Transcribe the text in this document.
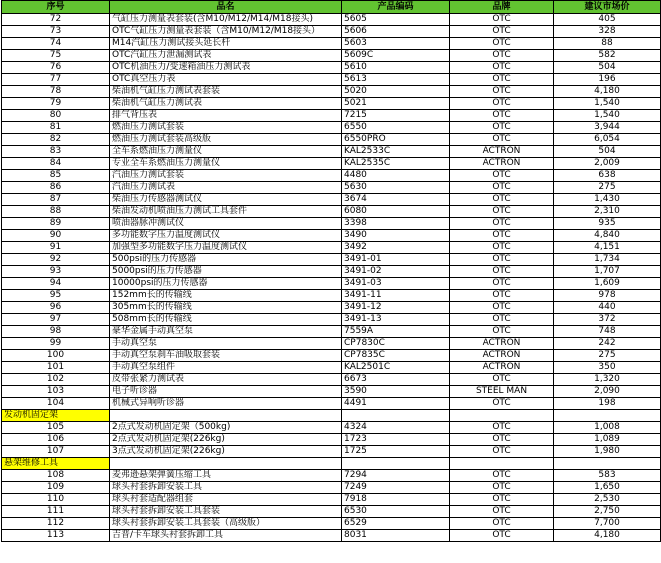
序号	品名	产品编码	品牌	建议市场价
72	气缸压力测量表套装(含M10/M12/M14/M18接头)	5605	OTC	405
73	OTC气缸压力测量表套装（含M10/M12/M18接头）	5606	OTC	328
74	M14汽缸压力测试接头延长杆	5603	OTC	88
75	OTC汽缸压力泄漏测试表	5609C	OTC	582
76	OTC机油压力/变速箱油压力测试表	5610	OTC	504
77	OTC真空压力表	5613	OTC	196
78	柴油机气缸压力测试表套装	5020	OTC	4,180
79	柴油机气缸压力测试表	5021	OTC	1,540
80	排气背压表	7215	OTC	1,540
81	燃油压力测试套装	6550	OTC	3,944
82	燃油压力测试套装高级版	6550PRO	OTC	6,054
83	全车系燃油压力测量仪	KAL2533C	ACTRON	504
84	专业全车系燃油压力测量仪	KAL2535C	ACTRON	2,009
85	汽油压力测试套装	4480	OTC	638
86	汽油压力测试表	5630	OTC	275
87	柴油压力传感器测试仪	3674	OTC	1,430
88	柴油发动机喷油压力测试工具套件	6080	OTC	2,310
89	喷油器脉冲测试仪	3398	OTC	935
90	多功能数字压力温度测试仪	3490	OTC	4,840
91	加强型多功能数字压力温度测试仪	3492	OTC	4,151
92	500psi的压力传感器	3491-01	OTC	1,734
93	5000psi的压力传感器	3491-02	OTC	1,707
94	10000psi的压力传感器	3491-03	OTC	1,609
95	152mm长的传输线	3491-11	OTC	978
96	305mm长的传输线	3491-12	OTC	440
97	508mm长的传输线	3491-13	OTC	372
98	豪华金属手动真空泵	7559A	OTC	748
99	手动真空泵	CP7830C	ACTRON	242
100	手动真空泵刹车油吸取套装	CP7835C	ACTRON	275
101	手动真空泵组件	KAL2501C	ACTRON	350
102	皮带张紧力测试表	6673	OTC	1,320
103	电子听诊器	3590	STEEL MAN	2,090
104	机械式异响听诊器	4491	OTC	198
发动机固定架				
105	2点式发动机固定架（500kg)	4324	OTC	1,008
106	2点式发动机固定架(226kg)	1723	OTC	1,089
107	3点式发动机固定架(226kg)	1725	OTC	1,980
悬架维修工具				
108	麦弗逊悬架弹簧压缩工具	7294	OTC	583
109	球头衬套拆卸安装工具	7249	OTC	1,650
110	球头衬套适配器组套	7918	OTC	2,530
111	球头衬套拆卸安装工具套装	6530	OTC	2,750
112	球头衬套拆卸安装工具套装（高级版）	6529	OTC	7,700
113	吉普/卡车球头衬套拆卸工具	8031	OTC	4,180
